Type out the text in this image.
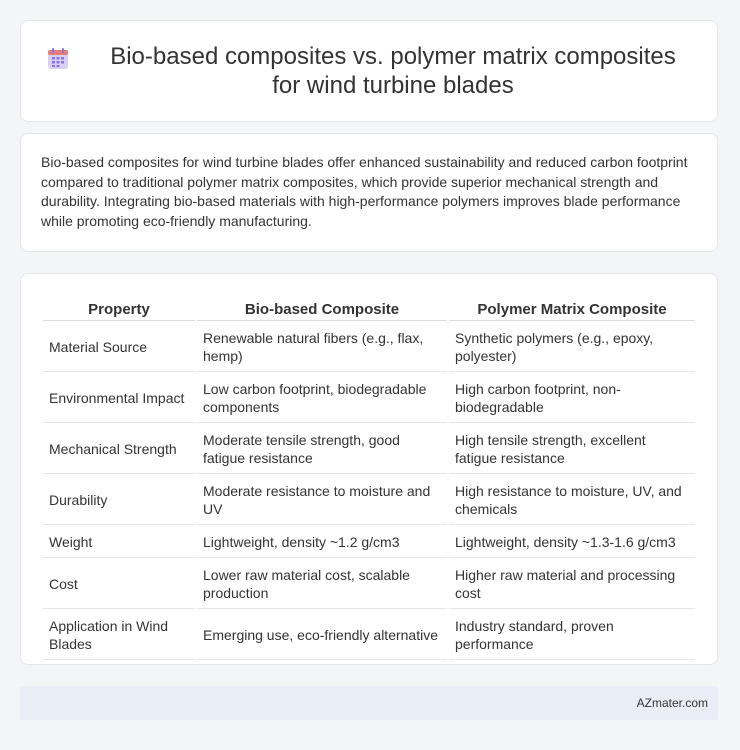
Bio-based composites vs. polymer matrix composites for wind turbine blades

Bio-based composites for wind turbine blades offer enhanced sustainability and reduced carbon footprint compared to traditional polymer matrix composites, which provide superior mechanical strength and durability. Integrating bio-based materials with high-performance polymers improves blade performance while promoting eco-friendly manufacturing.

Property	Bio-based Composite	Polymer Matrix Composite
Material Source	Renewable natural fibers (e.g., flax, hemp)	Synthetic polymers (e.g., epoxy, polyester)
Environmental Impact	Low carbon footprint, biodegradable components	High carbon footprint, non-biodegradable
Mechanical Strength	Moderate tensile strength, good fatigue resistance	High tensile strength, excellent fatigue resistance
Durability	Moderate resistance to moisture and UV	High resistance to moisture, UV, and chemicals
Weight	Lightweight, density ~1.2 g/cm3	Lightweight, density ~1.3-1.6 g/cm3
Cost	Lower raw material cost, scalable production	Higher raw material and processing cost
Application in Wind Blades	Emerging use, eco-friendly alternative	Industry standard, proven performance
AZmater.com
